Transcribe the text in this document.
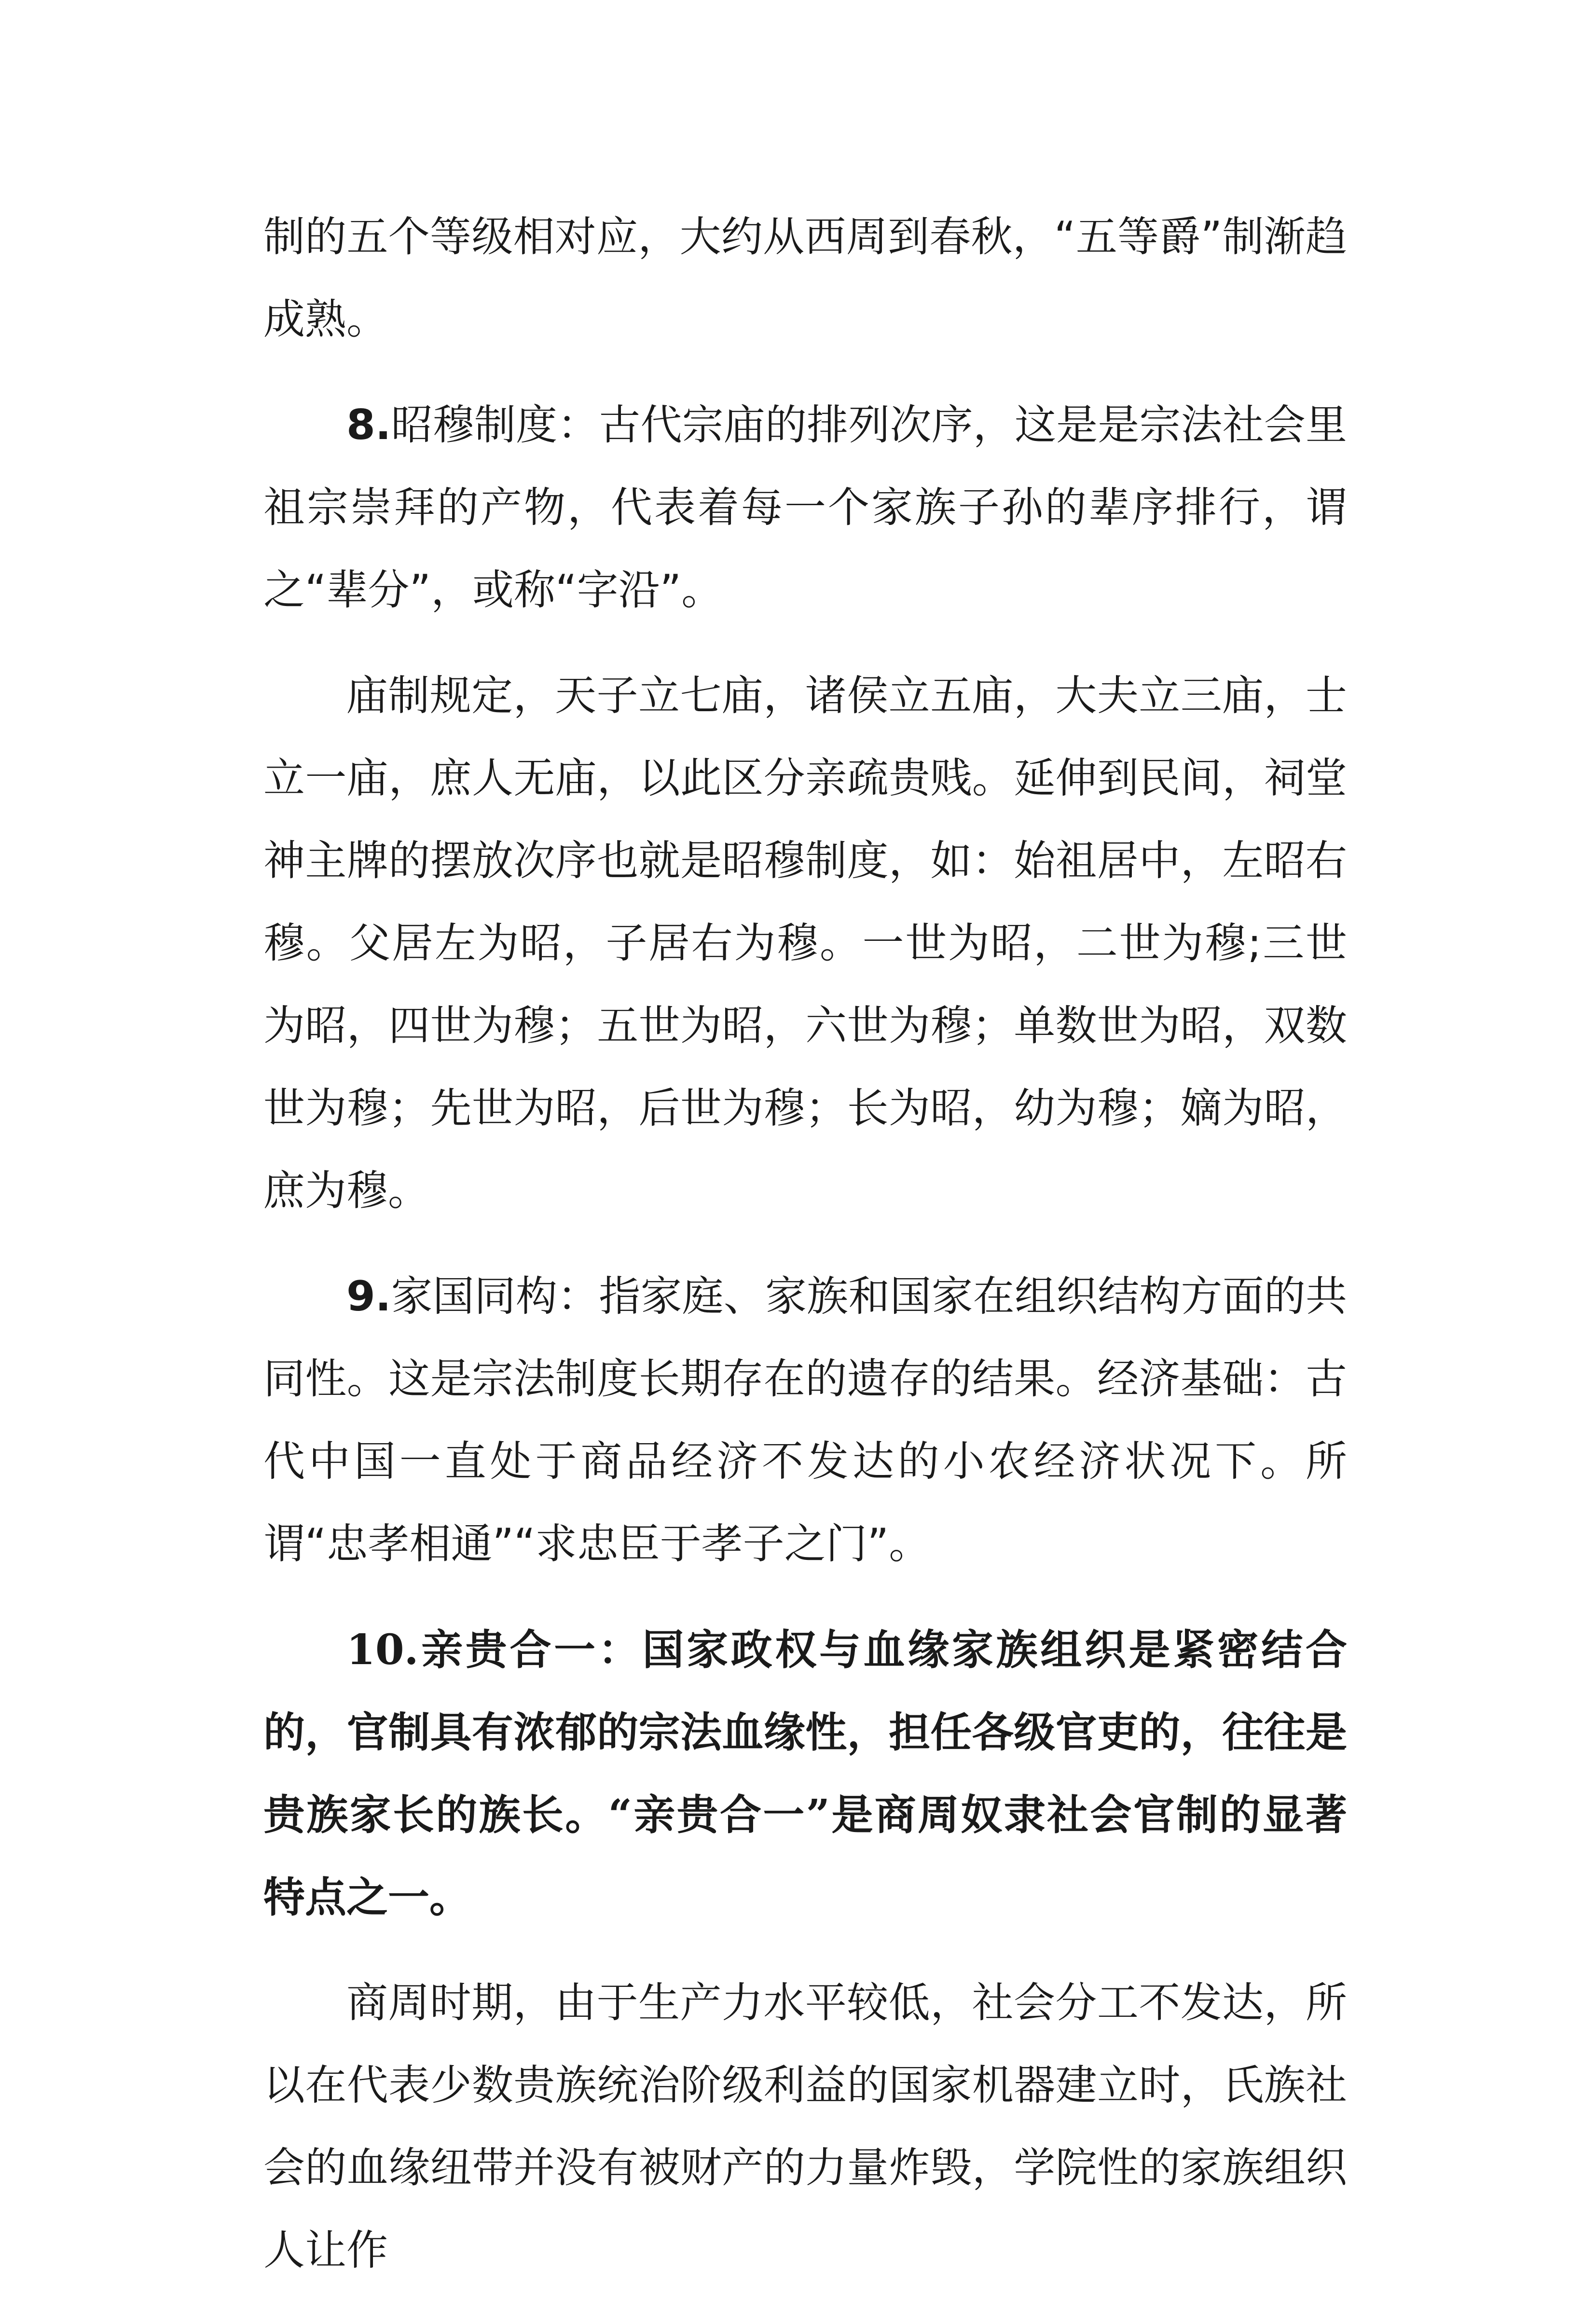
制的五个等级相对应，大约从西周到春秋，“五等爵”制渐趋成熟。

8.昭穆制度：古代宗庙的排列次序，这是是宗法社会里祖宗崇拜的产物，代表着每一个家族子孙的辈序排行，谓之“辈分”，或称“字沿”。

庙制规定，天子立七庙，诸侯立五庙，大夫立三庙，士立一庙，庶人无庙，以此区分亲疏贵贱。延伸到民间，祠堂神主牌的摆放次序也就是昭穆制度，如：始祖居中，左昭右穆。父居左为昭，子居右为穆。一世为昭，二世为穆;三世为昭，四世为穆；五世为昭，六世为穆；单数世为昭，双数世为穆；先世为昭，后世为穆；长为昭，幼为穆；嫡为昭，庶为穆。

9.家国同构：指家庭、家族和国家在组织结构方面的共同性。这是宗法制度长期存在的遗存的结果。经济基础：古代中国一直处于商品经济不发达的小农经济状况下。所谓“忠孝相通”“求忠臣于孝子之门”。

10.亲贵合一：国家政权与血缘家族组织是紧密结合的，官制具有浓郁的宗法血缘性，担任各级官吏的，往往是贵族家长的族长。“亲贵合一”是商周奴隶社会官制的显著特点之一。

商周时期，由于生产力水平较低，社会分工不发达，所以在代表少数贵族统治阶级利益的国家机器建立时，氏族社会的血缘纽带并没有被财产的力量炸毁，学院性的家族组织人让作
